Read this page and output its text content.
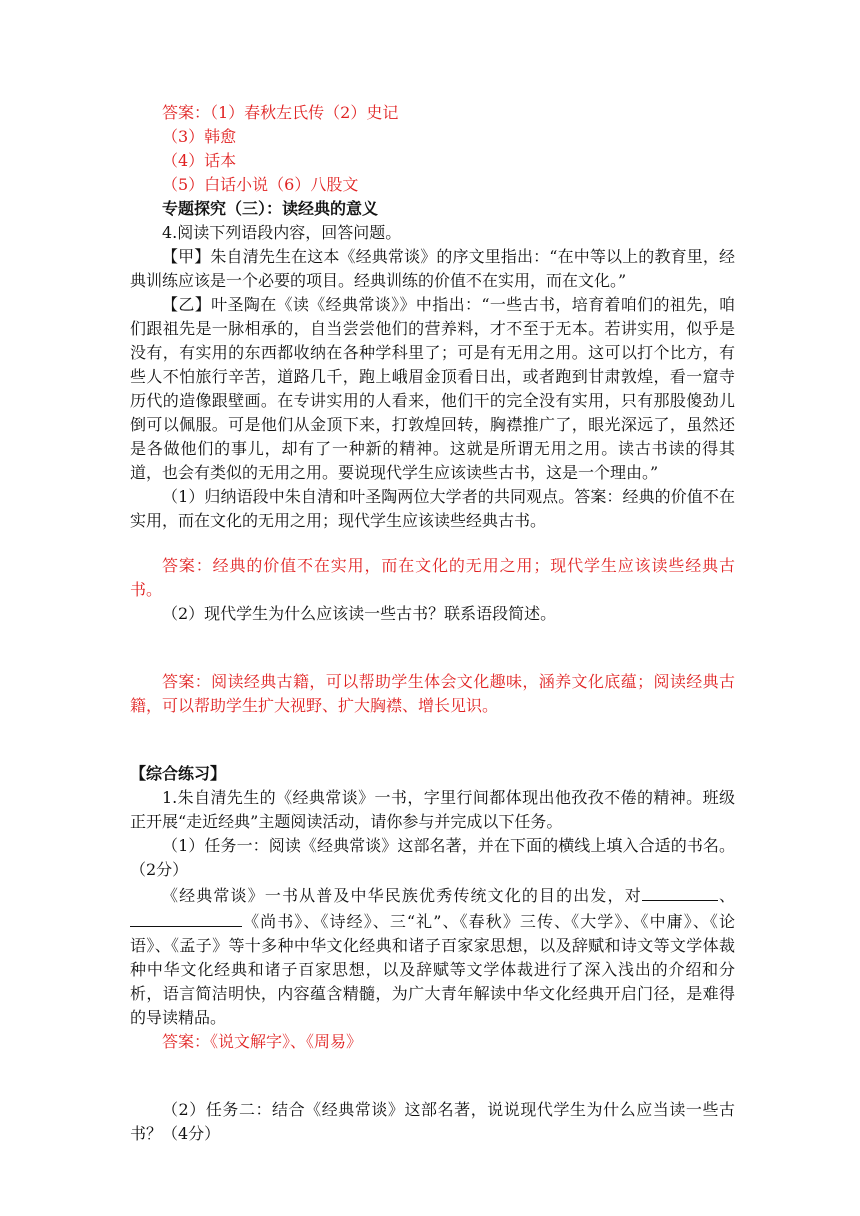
答案：（1）春秋左氏传（2）史记

（3）韩愈

（4）话本

（5）白话小说（6）八股文

专题探究（三）：读经典的意义

4.阅读下列语段内容，回答问题。

【甲】朱自清先生在这本《经典常谈》的序文里指出：“在中等以上的教育里，经典训练应该是一个必要的项目。经典训练的价值不在实用，而在文化。”

【乙】叶圣陶在《读《经典常谈》》中指出：“一些古书，培育着咱们的祖先，咱们跟祖先是一脉相承的，自当尝尝他们的营养料，才不至于无本。若讲实用，似乎是没有，有实用的东西都收纳在各种学科里了；可是有无用之用。这可以打个比方，有些人不怕旅行辛苦，道路几千，跑上峨眉金顶看日出，或者跑到甘肃敦煌，看一窟寺历代的造像跟壁画。在专讲实用的人看来，他们干的完全没有实用，只有那股傻劲儿倒可以佩服。可是他们从金顶下来，打敦煌回转，胸襟推广了，眼光深远了，虽然还是各做他们的事儿，却有了一种新的精神。这就是所谓无用之用。读古书读的得其道，也会有类似的无用之用。要说现代学生应该读些古书，这是一个理由。”

（1）归纳语段中朱自清和叶圣陶两位大学者的共同观点。答案：经典的价值不在实用，而在文化的无用之用；现代学生应该读些经典古书。

答案：经典的价值不在实用，而在文化的无用之用；现代学生应该读些经典古书。

（2）现代学生为什么应该读一些古书？联系语段简述。

答案：阅读经典古籍，可以帮助学生体会文化趣味，涵养文化底蕴；阅读经典古籍，可以帮助学生扩大视野、扩大胸襟、增长见识。

【综合练习】

1.朱自清先生的《经典常谈》一书，字里行间都体现出他孜孜不倦的精神。班级正开展“走近经典”主题阅读活动，请你参与并完成以下任务。

（1）任务一：阅读《经典常谈》这部名著，并在下面的横线上填入合适的书名。（2分）

《经典常谈》一书从普及中华民族优秀传统文化的目的出发，对	、《尚书》、《诗经》、三“礼”、《春秋》三传、《大学》、《中庸》、《论语》、《孟子》等十多种中华文化经典和诸子百家家思想，以及辞赋和诗文等文学体裁种中华文化经典和诸子百家思想，以及辞赋等文学体裁进行了深入浅出的介绍和分析，语言简洁明快，内容蕴含精髓，为广大青年解读中华文化经典开启门径，是难得的导读精品。

答案：《说文解字》、《周易》

（2）任务二：结合《经典常谈》这部名著，说说现代学生为什么应当读一些古书？（4分）
